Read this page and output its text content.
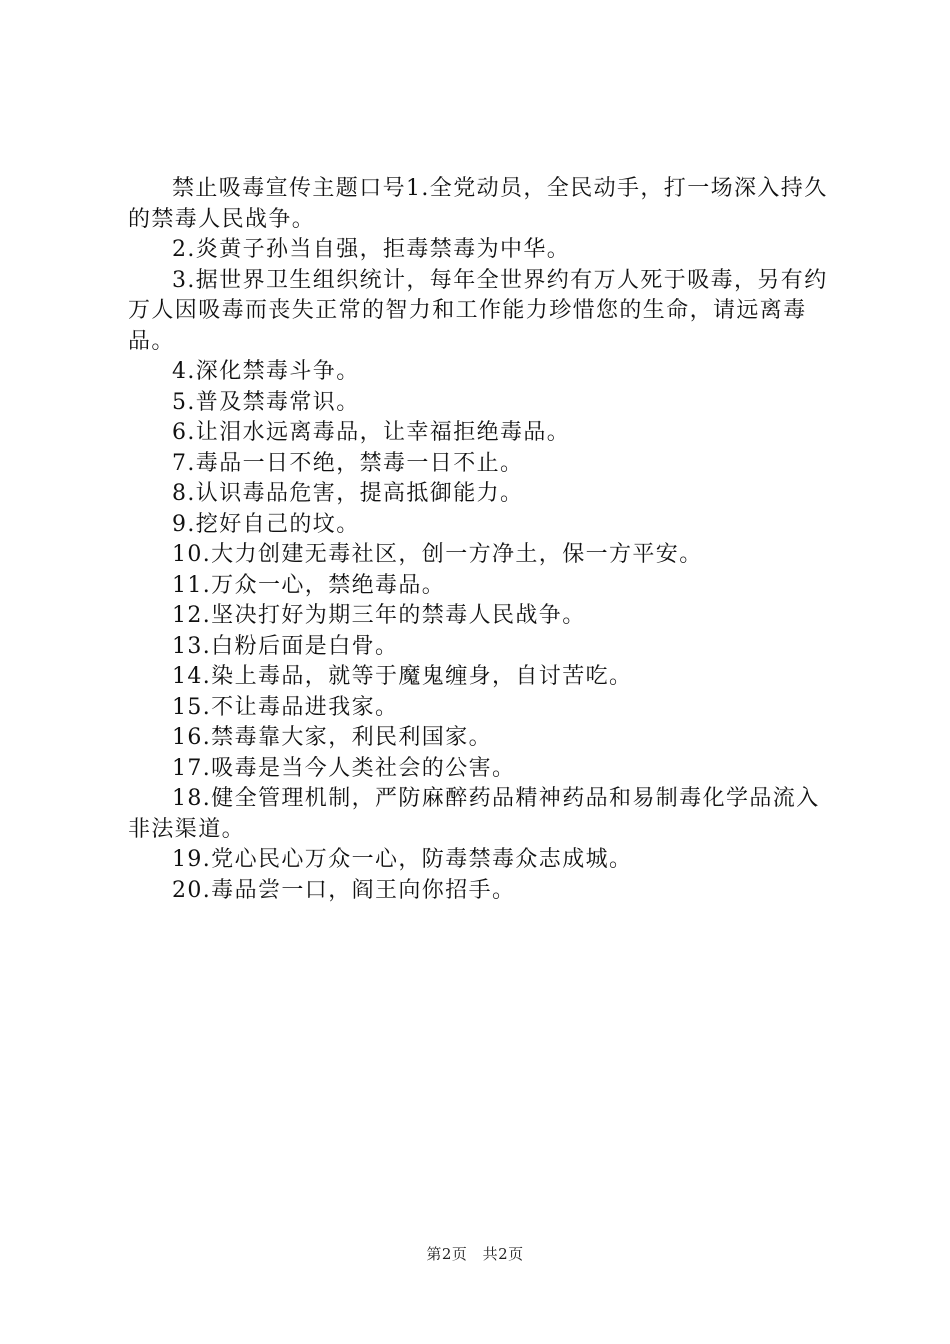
禁止吸毒宣传主题口号1.全党动员，全民动手，打一场深入持久的禁毒人民战争。

2.炎黄子孙当自强，拒毒禁毒为中华。

3.据世界卫生组织统计，每年全世界约有万人死于吸毒，另有约万人因吸毒而丧失正常的智力和工作能力珍惜您的生命，请远离毒品。

4.深化禁毒斗争。

5.普及禁毒常识。

6.让泪水远离毒品，让幸福拒绝毒品。

7.毒品一日不绝，禁毒一日不止。

8.认识毒品危害，提高抵御能力。

9.挖好自己的坟。

10.大力创建无毒社区，创一方净土，保一方平安。

11.万众一心，禁绝毒品。

12.坚决打好为期三年的禁毒人民战争。

13.白粉后面是白骨。

14.染上毒品，就等于魔鬼缠身，自讨苦吃。

15.不让毒品进我家。

16.禁毒靠大家，利民利国家。

17.吸毒是当今人类社会的公害。

18.健全管理机制，严防麻醉药品精神药品和易制毒化学品流入非法渠道。

19.党心民心万众一心，防毒禁毒众志成城。

20.毒品尝一口，阎王向你招手。

第2页 共2页
